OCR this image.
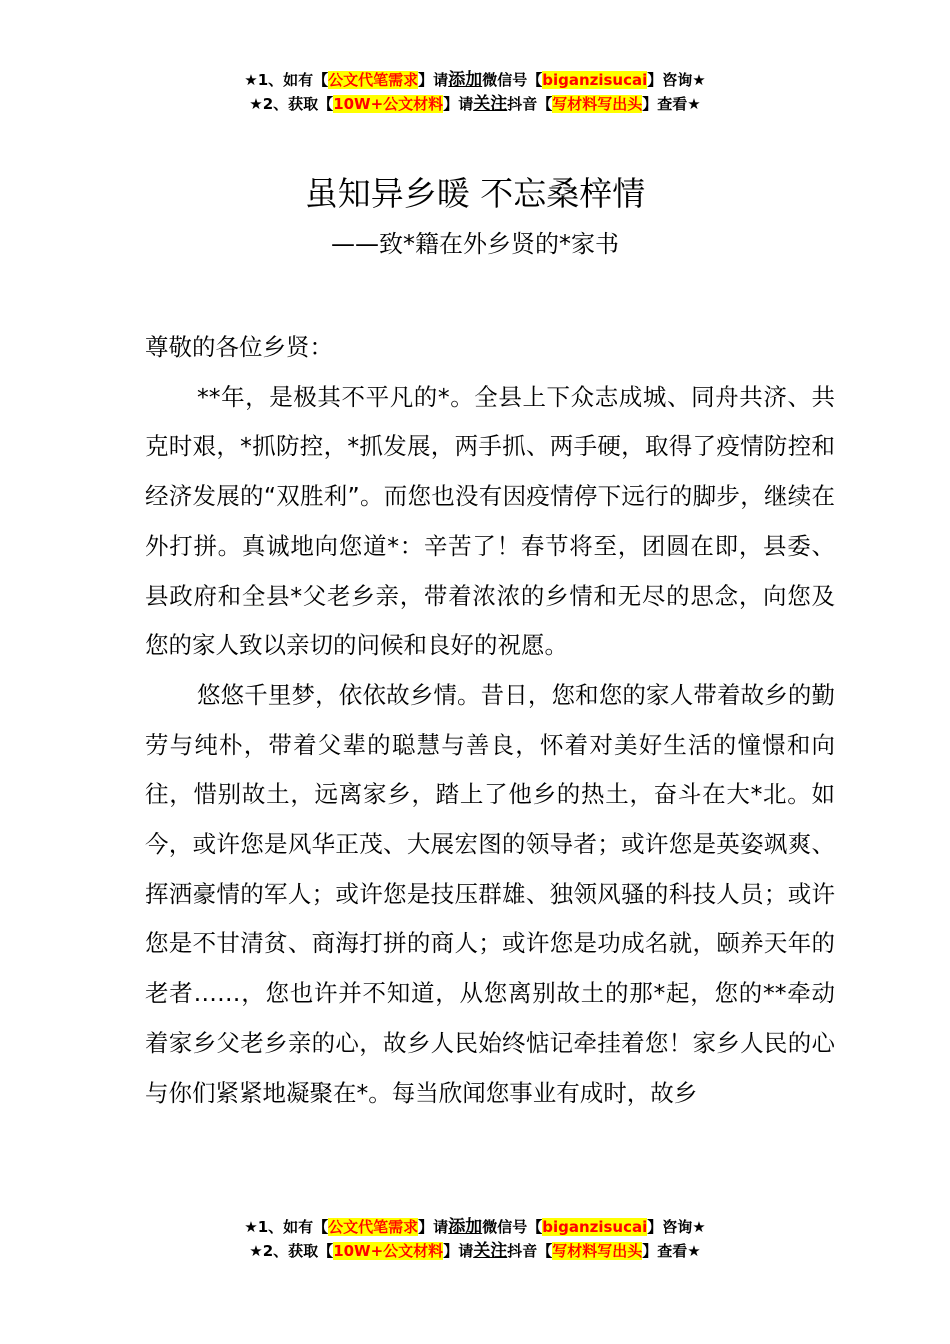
★1、如有【公文代笔需求】请添加微信号【biganzisucai】咨询★
★2、获取【10W+公文材料】请关注抖音【写材料写出头】查看★
虽知异乡暖 不忘桑梓情
——致*籍在外乡贤的*家书

尊敬的各位乡贤：

**年，是极其不平凡的*。全县上下众志成城、同舟共济、共克时艰，*抓防控，*抓发展，两手抓、两手硬，取得了疫情防控和经济发展的“双胜利”。而您也没有因疫情停下远行的脚步，继续在外打拼。真诚地向您道*：辛苦了！春节将至，团圆在即，县委、县政府和全县*父老乡亲，带着浓浓的乡情和无尽的思念，向您及您的家人致以亲切的问候和良好的祝愿。

悠悠千里梦，依依故乡情。昔日，您和您的家人带着故乡的勤劳与纯朴，带着父辈的聪慧与善良，怀着对美好生活的憧憬和向往，惜别故土，远离家乡，踏上了他乡的热土，奋斗在大*北。如今，或许您是风华正茂、大展宏图的领导者；或许您是英姿飒爽、挥洒豪情的军人；或许您是技压群雄、独领风骚的科技人员；或许您是不甘清贫、商海打拼的商人；或许您是功成名就，颐养天年的老者……，您也许并不知道，从您离别故土的那*起，您的**牵动着家乡父老乡亲的心，故乡人民始终惦记牵挂着您！家乡人民的心与你们紧紧地凝聚在*。每当欣闻您事业有成时，故乡

★1、如有【公文代笔需求】请添加微信号【biganzisucai】咨询★
★2、获取【10W+公文材料】请关注抖音【写材料写出头】查看★
